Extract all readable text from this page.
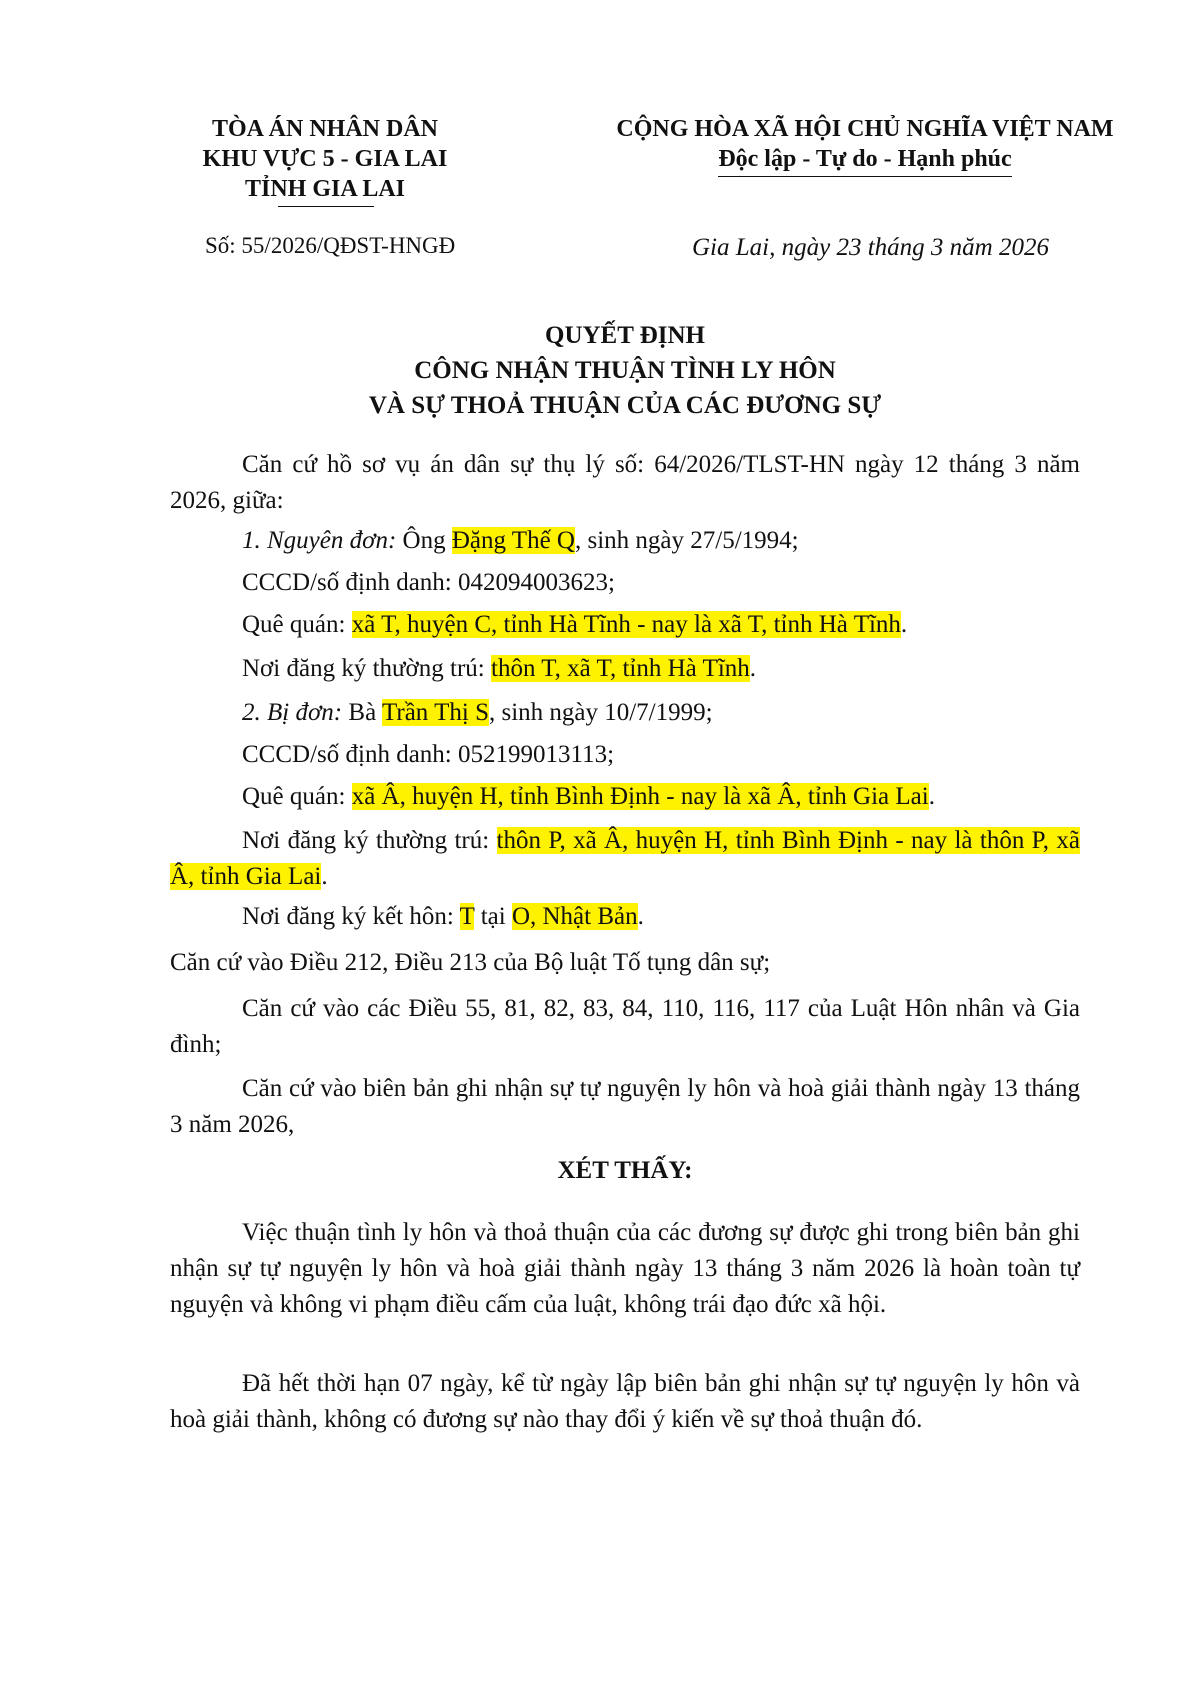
TÒA ÁN NHÂN DÂN
KHU VỰC 5 - GIA LAI
TỈNH GIA LAI
CỘNG HÒA XÃ HỘI CHỦ NGHĨA VIỆT NAM
Độc lập - Tự do - Hạnh phúc
Số: 55/2026/QĐST-HNGĐ	Gia Lai, ngày 23 tháng 3 năm 2026
QUYẾT ĐỊNH
CÔNG NHẬN THUẬN TÌNH LY HÔN
VÀ SỰ THOẢ THUẬN CỦA CÁC ĐƯƠNG SỰ

Căn cứ hồ sơ vụ án dân sự thụ lý số: 64/2026/TLST-HN ngày 12 tháng 3 năm 2026, giữa:

1. Nguyên đơn: Ông Đặng Thế Q, sinh ngày 27/5/1994;

CCCD/số định danh: 042094003623;

Quê quán: xã T, huyện C, tỉnh Hà Tĩnh - nay là xã T, tỉnh Hà Tĩnh.

Nơi đăng ký thường trú: thôn T, xã T, tỉnh Hà Tĩnh.

2. Bị đơn: Bà Trần Thị S, sinh ngày 10/7/1999;

CCCD/số định danh: 052199013113;

Quê quán: xã Â, huyện H, tỉnh Bình Định - nay là xã Â, tỉnh Gia Lai.

Nơi đăng ký thường trú: thôn P, xã Â, huyện H, tỉnh Bình Định - nay là thôn P, xã Â, tỉnh Gia Lai.

Nơi đăng ký kết hôn: T tại O, Nhật Bản.

Căn cứ vào Điều 212, Điều 213 của Bộ luật Tố tụng dân sự;

Căn cứ vào các Điều 55, 81, 82, 83, 84, 110, 116, 117 của Luật Hôn nhân và Gia đình;

Căn cứ vào biên bản ghi nhận sự tự nguyện ly hôn và hoà giải thành ngày 13 tháng 3 năm 2026,

XÉT THẤY:

Việc thuận tình ly hôn và thoả thuận của các đương sự được ghi trong biên bản ghi nhận sự tự nguyện ly hôn và hoà giải thành ngày 13 tháng 3 năm 2026 là hoàn toàn tự nguyện và không vi phạm điều cấm của luật, không trái đạo đức xã hội.

Đã hết thời hạn 07 ngày, kể từ ngày lập biên bản ghi nhận sự tự nguyện ly hôn và hoà giải thành, không có đương sự nào thay đổi ý kiến về sự thoả thuận đó.
